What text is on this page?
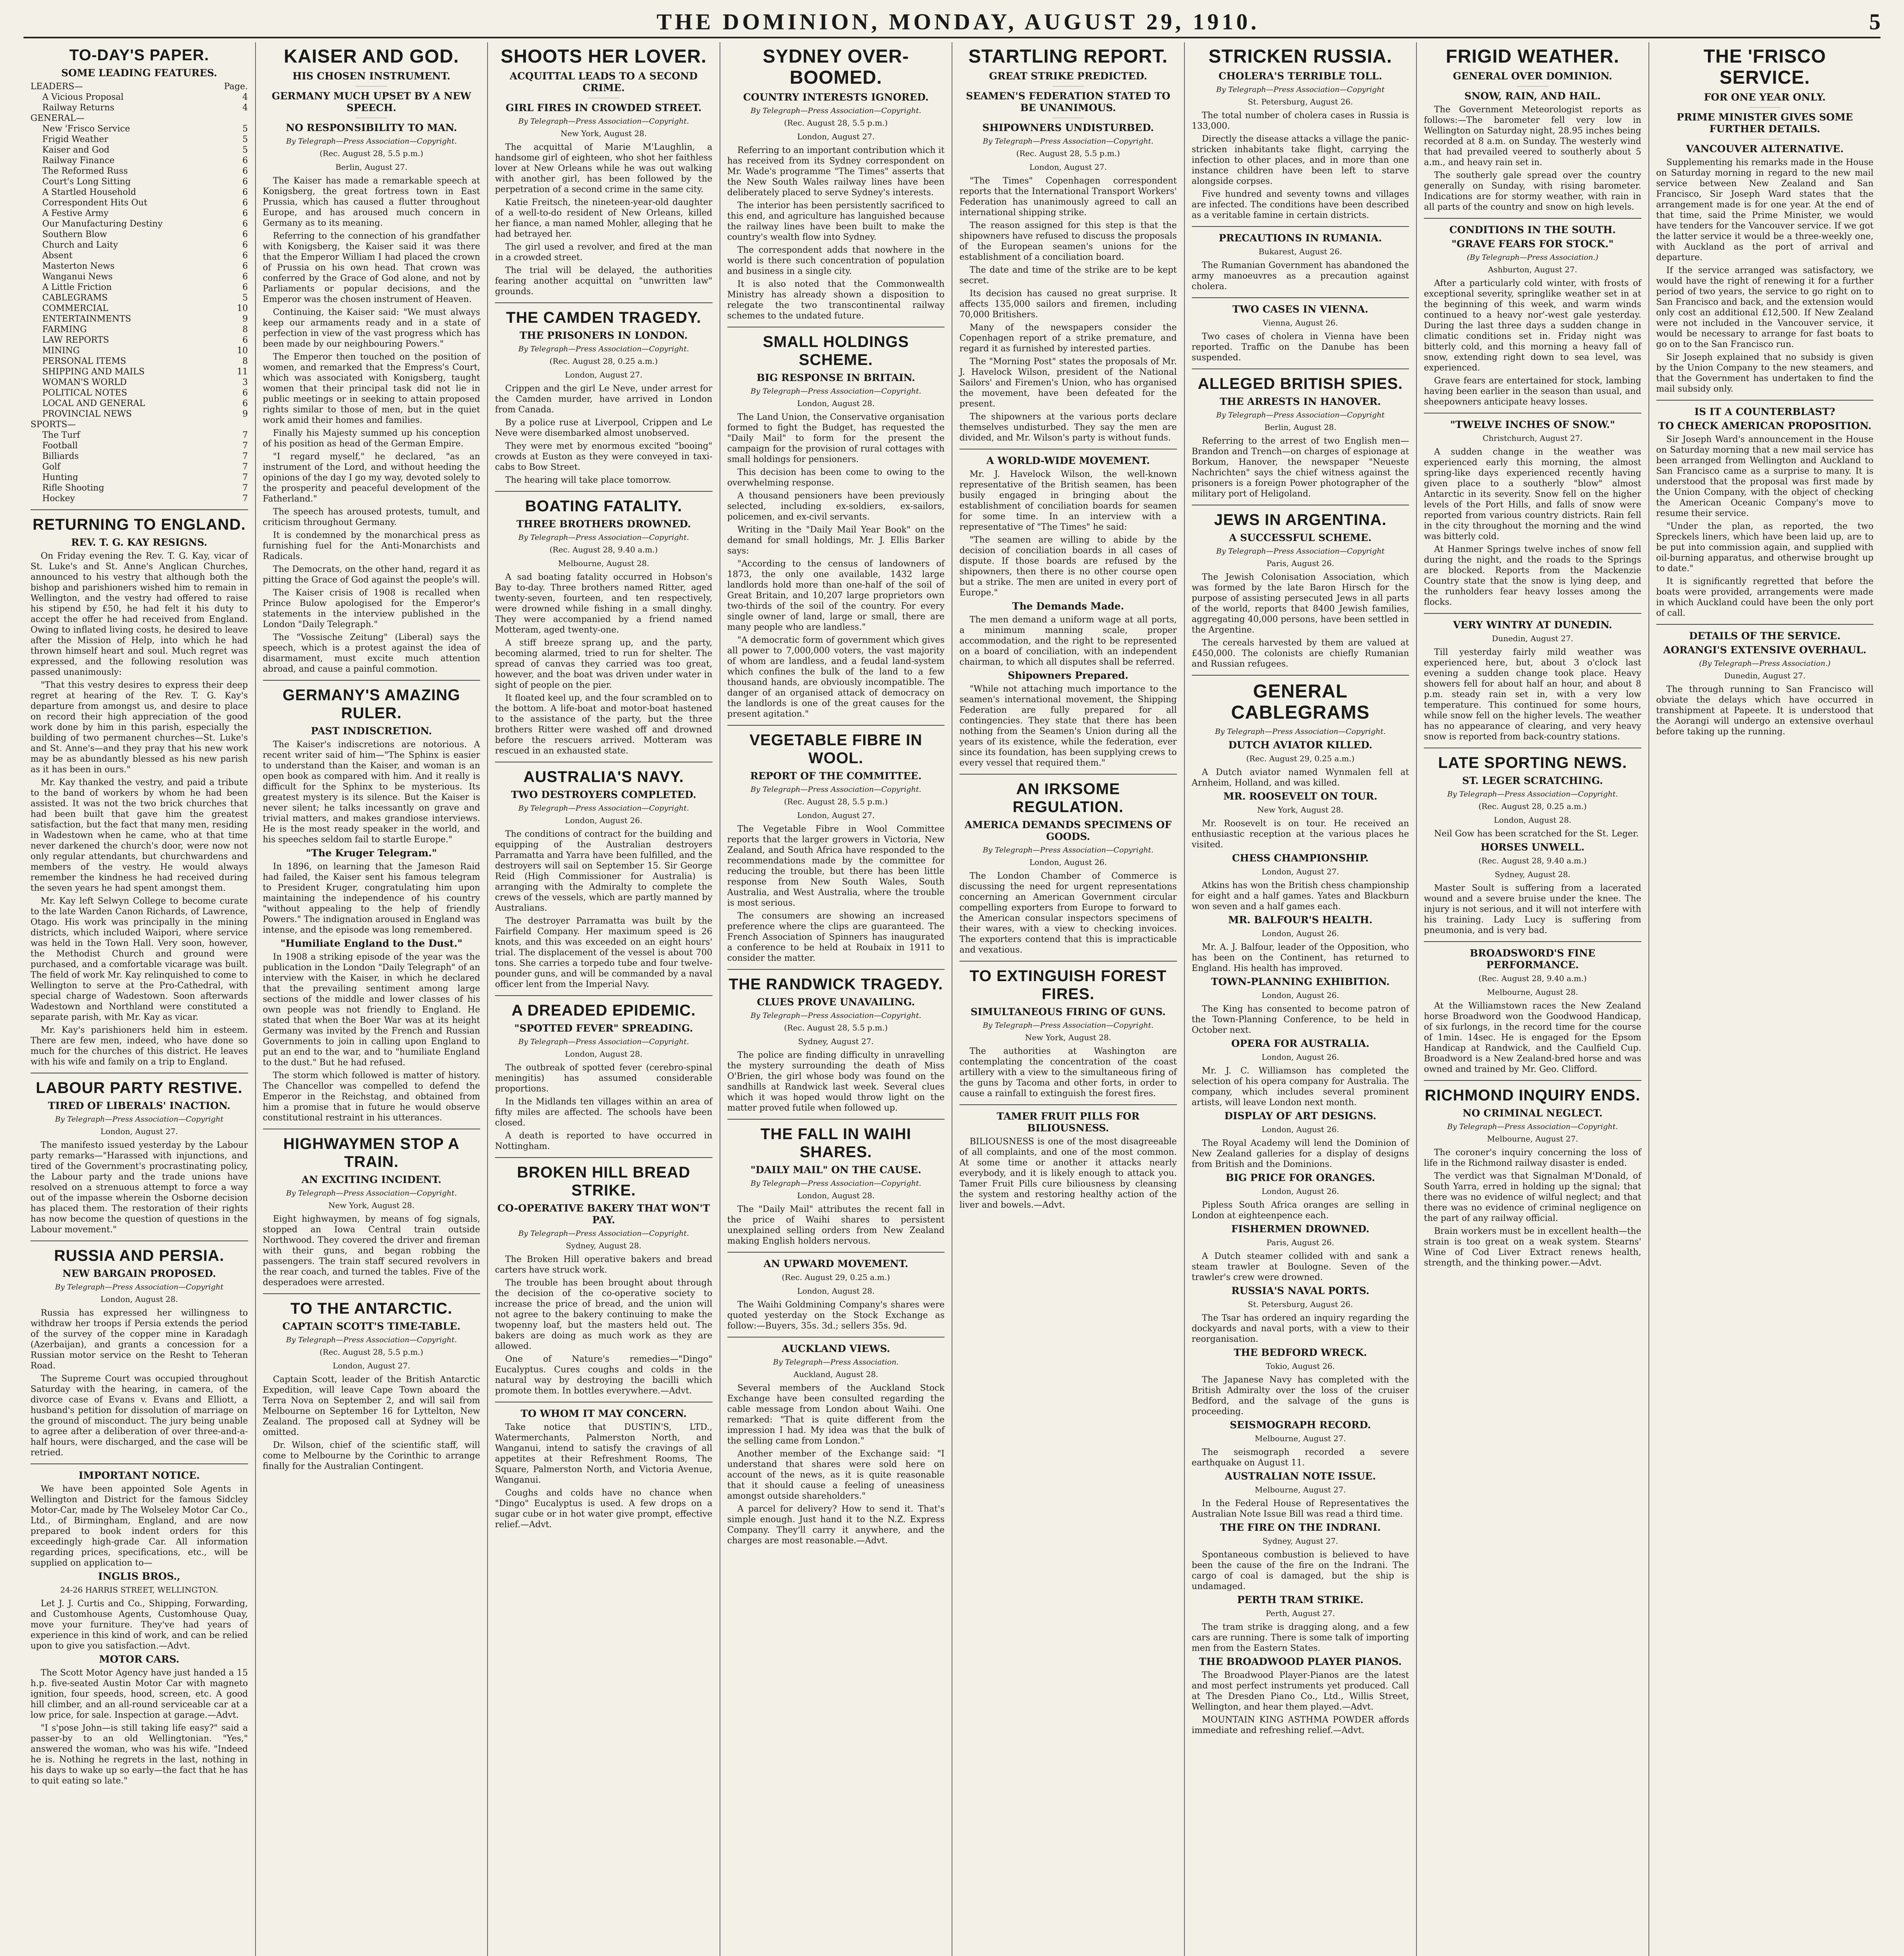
THE DOMINION, MONDAY, AUGUST 29, 1910.	5
TO-DAY'S PAPER.
SOME LEADING FEATURES.
LEADERS—	Page.
A Vicious Proposal	4
Railway Returns	4
GENERAL—
New 'Frisco Service	5
Frigid Weather	5
Kaiser and God	5
Railway Finance	6
The Reformed Russ	6
Court's Long Sitting	6
A Startled Household	6
Correspondent Hits Out	6
A Festive Army	6
Our Manufacturing Destiny	6
Southern Blow	6
Church and Laity	6
Absent	6
Masterton News	6
Wanganui News	6
A Little Friction	6
CABLEGRAMS	5
COMMERCIAL	10
ENTERTAINMENTS	9
FARMING	8
LAW REPORTS	6
MINING	10
PERSONAL ITEMS	8
SHIPPING AND MAILS	11
WOMAN'S WORLD	3
POLITICAL NOTES	6
LOCAL AND GENERAL	6
PROVINCIAL NEWS	9
SPORTS—
The Turf	7
Football	7
Billiards	7
Golf	7
Hunting	7
Rifle Shooting	7
Hockey	7
RETURNING TO ENGLAND.
REV. T. G. KAY RESIGNS.
On Friday evening the Rev. T. G. Kay, vicar of St. Luke's and St. Anne's Anglican Churches, announced to his vestry that although both the bishop and parishioners wished him to remain in Wellington, and the vestry had offered to raise his stipend by £50, he had felt it his duty to accept the offer he had received from England. Owing to inflated living costs, he desired to leave after the Mission of Help, into which he had thrown himself heart and soul. Much regret was expressed, and the following resolution was passed unanimously:
"That this vestry desires to express their deep regret at hearing of the Rev. T. G. Kay's departure from amongst us, and desire to place on record their high appreciation of the good work done by him in this parish, especially the building of two permanent churches—St. Luke's and St. Anne's—and they pray that his new work may be as abundantly blessed as his new parish as it has been in ours."
Mr. Kay thanked the vestry, and paid a tribute to the band of workers by whom he had been assisted. It was not the two brick churches that had been built that gave him the greatest satisfaction, but the fact that many men, residing in Wadestown when he came, who at that time never darkened the church's door, were now not only regular attendants, but churchwardens and members of the vestry. He would always remember the kindness he had received during the seven years he had spent amongst them.
Mr. Kay left Selwyn College to become curate to the late Warden Canon Richards, of Lawrence, Otago. His work was principally in the mining districts, which included Waipori, where service was held in the Town Hall. Very soon, however, the Methodist Church and ground were purchased, and a comfortable vicarage was built. The field of work Mr. Kay relinquished to come to Wellington to serve at the Pro-Cathedral, with special charge of Wadestown. Soon afterwards Wadestown and Northland were constituted a separate parish, with Mr. Kay as vicar.
Mr. Kay's parishioners held him in esteem. There are few men, indeed, who have done so much for the churches of this district. He leaves with his wife and family on a trip to England.
LABOUR PARTY RESTIVE.
TIRED OF LIBERALS' INACTION.
By Telegraph—Press Association—Copyright
London, August 27.
The manifesto issued yesterday by the Labour party remarks—"Harassed with injunctions, and tired of the Government's procrastinating policy, the Labour party and the trade unions have resolved on a strenuous attempt to force a way out of the impasse wherein the Osborne decision has placed them. The restoration of their rights has now become the question of questions in the Labour movement."
RUSSIA AND PERSIA.
NEW BARGAIN PROPOSED.
By Telegraph—Press Association—Copyright
London, August 28.
Russia has expressed her willingness to withdraw her troops if Persia extends the period of the survey of the copper mine in Karadagh (Azerbaijan), and grants a concession for a Russian motor service on the Resht to Teheran Road.
The Supreme Court was occupied throughout Saturday with the hearing, in camera, of the divorce case of Evans v. Evans and Elliott, a husband's petition for dissolution of marriage on the ground of misconduct. The jury being unable to agree after a deliberation of over three-and-a-half hours, were discharged, and the case will be retried.
IMPORTANT NOTICE.
We have been appointed Sole Agents in Wellington and District for the famous Sidcley Motor-Car, made by The Wolseley Motor Car Co., Ltd., of Birmingham, England, and are now prepared to book indent orders for this exceedingly high-grade Car. All information regarding prices, specifications, etc., will be supplied on application to—
INGLIS BROS.,
24-26 HARRIS STREET, WELLINGTON.
Let J. J. Curtis and Co., Shipping, Forwarding, and Customhouse Agents, Customhouse Quay, move your furniture. They've had years of experience in this kind of work, and can be relied upon to give you satisfaction.—Advt.
MOTOR CARS.
The Scott Motor Agency have just handed a 15 h.p. five-seated Austin Motor Car with magneto ignition, four speeds, hood, screen, etc. A good hill climber, and an all-round serviceable car at a low price, for sale. Inspection at garage.—Advt.
"I s'pose John—is still taking life easy?" said a passer-by to an old Wellingtonian. "Yes," answered the woman, who was his wife. "Indeed he is. Nothing he regrets in the last, nothing in his days to wake up so early—the fact that he has to quit eating so late."
KAISER AND GOD.
HIS CHOSEN INSTRUMENT.
GERMANY MUCH UPSET BY A NEW SPEECH.
NO RESPONSIBILITY TO MAN.
By Telegraph—Press Association—Copyright.
(Rec. August 28, 5.5 p.m.)
Berlin, August 27.
The Kaiser has made a remarkable speech at Konigsberg, the great fortress town in East Prussia, which has caused a flutter throughout Europe, and has aroused much concern in Germany as to its meaning.
Referring to the connection of his grandfather with Konigsberg, the Kaiser said it was there that the Emperor William I had placed the crown of Prussia on his own head. That crown was conferred by the Grace of God alone, and not by Parliaments or popular decisions, and the Emperor was the chosen instrument of Heaven.
Continuing, the Kaiser said: "We must always keep our armaments ready and in a state of perfection in view of the vast progress which has been made by our neighbouring Powers."
The Emperor then touched on the position of women, and remarked that the Empress's Court, which was associated with Konigsberg, taught women that their principal task did not lie in public meetings or in seeking to attain proposed rights similar to those of men, but in the quiet work amid their homes and families.
Finally his Majesty summed up his conception of his position as head of the German Empire.
"I regard myself," he declared, "as an instrument of the Lord, and without heeding the opinions of the day I go my way, devoted solely to the prosperity and peaceful development of the Fatherland."
The speech has aroused protests, tumult, and criticism throughout Germany.
It is condemned by the monarchical press as furnishing fuel for the Anti-Monarchists and Radicals.
The Democrats, on the other hand, regard it as pitting the Grace of God against the people's will.
The Kaiser crisis of 1908 is recalled when Prince Bulow apologised for the Emperor's statements in the interview published in the London "Daily Telegraph."
The "Vossische Zeitung" (Liberal) says the speech, which is a protest against the idea of disarmament, must excite much attention abroad, and cause a painful commotion.
GERMANY'S AMAZING RULER.
PAST INDISCRETION.
The Kaiser's indiscretions are notorious. A recent writer said of him—"The Sphinx is easier to understand than the Kaiser, and woman is an open book as compared with him. And it really is difficult for the Sphinx to be mysterious. Its greatest mystery is its silence. But the Kaiser is never silent; he talks incessantly on grave and trivial matters, and makes grandiose interviews. He is the most ready speaker in the world, and his speeches seldom fail to startle Europe."
"The Kruger Telegram."
In 1896, on learning that the Jameson Raid had failed, the Kaiser sent his famous telegram to President Kruger, congratulating him upon maintaining the independence of his country "without appealing to the help of friendly Powers." The indignation aroused in England was intense, and the episode was long remembered.
"Humiliate England to the Dust."
In 1908 a striking episode of the year was the publication in the London "Daily Telegraph" of an interview with the Kaiser, in which he declared that the prevailing sentiment among large sections of the middle and lower classes of his own people was not friendly to England. He stated that when the Boer War was at its height Germany was invited by the French and Russian Governments to join in calling upon England to put an end to the war, and to "humiliate England to the dust." But he had refused.
The storm which followed is matter of history. The Chancellor was compelled to defend the Emperor in the Reichstag, and obtained from him a promise that in future he would observe constitutional restraint in his utterances.
HIGHWAYMEN STOP A TRAIN.
AN EXCITING INCIDENT.
By Telegraph—Press Association—Copyright.
New York, August 28.
Eight highwaymen, by means of fog signals, stopped an Iowa Central train outside Northwood. They covered the driver and fireman with their guns, and began robbing the passengers. The train staff secured revolvers in the rear coach, and turned the tables. Five of the desperadoes were arrested.
TO THE ANTARCTIC.
CAPTAIN SCOTT'S TIME-TABLE.
By Telegraph—Press Association—Copyright.
(Rec. August 28, 5.5 p.m.)
London, August 27.
Captain Scott, leader of the British Antarctic Expedition, will leave Cape Town aboard the Terra Nova on September 2, and will sail from Melbourne on September 16 for Lyttelton, New Zealand. The proposed call at Sydney will be omitted.
Dr. Wilson, chief of the scientific staff, will come to Melbourne by the Corinthic to arrange finally for the Australian Contingent.
SHOOTS HER LOVER.
ACQUITTAL LEADS TO A SECOND CRIME.
GIRL FIRES IN CROWDED STREET.
By Telegraph—Press Association—Copyright.
New York, August 28.
The acquittal of Marie M'Laughlin, a handsome girl of eighteen, who shot her faithless lover at New Orleans while he was out walking with another girl, has been followed by the perpetration of a second crime in the same city.
Katie Freitsch, the nineteen-year-old daughter of a well-to-do resident of New Orleans, killed her fiance, a man named Mohler, alleging that he had betrayed her.
The girl used a revolver, and fired at the man in a crowded street.
The trial will be delayed, the authorities fearing another acquittal on "unwritten law" grounds.
THE CAMDEN TRAGEDY.
THE PRISONERS IN LONDON.
By Telegraph—Press Association—Copyright.
(Rec. August 28, 0.25 a.m.)
London, August 27.
Crippen and the girl Le Neve, under arrest for the Camden murder, have arrived in London from Canada.
By a police ruse at Liverpool, Crippen and Le Neve were disembarked almost unobserved.
They were met by enormous excited "booing" crowds at Euston as they were conveyed in taxi-cabs to Bow Street.
The hearing will take place tomorrow.
BOATING FATALITY.
THREE BROTHERS DROWNED.
By Telegraph—Press Association—Copyright.
(Rec. August 28, 9.40 a.m.)
Melbourne, August 28.
A sad boating fatality occurred in Hobson's Bay to-day. Three brothers named Ritter, aged twenty-seven, fourteen, and ten respectively, were drowned while fishing in a small dinghy. They were accompanied by a friend named Motteram, aged twenty-one.
A stiff breeze sprang up, and the party, becoming alarmed, tried to run for shelter. The spread of canvas they carried was too great, however, and the boat was driven under water in sight of people on the pier.
It floated keel up, and the four scrambled on to the bottom. A life-boat and motor-boat hastened to the assistance of the party, but the three brothers Ritter were washed off and drowned before the rescuers arrived. Motteram was rescued in an exhausted state.
AUSTRALIA'S NAVY.
TWO DESTROYERS COMPLETED.
By Telegraph—Press Association—Copyright.
London, August 26.
The conditions of contract for the building and equipping of the Australian destroyers Parramatta and Yarra have been fulfilled, and the destroyers will sail on September 15. Sir George Reid (High Commissioner for Australia) is arranging with the Admiralty to complete the crews of the vessels, which are partly manned by Australians.
The destroyer Parramatta was built by the Fairfield Company. Her maximum speed is 26 knots, and this was exceeded on an eight hours' trial. The displacement of the vessel is about 700 tons. She carries a torpedo tube and four twelve-pounder guns, and will be commanded by a naval officer lent from the Imperial Navy.
A DREADED EPIDEMIC.
"SPOTTED FEVER" SPREADING.
By Telegraph—Press Association—Copyright.
London, August 28.
The outbreak of spotted fever (cerebro-spinal meningitis) has assumed considerable proportions.
In the Midlands ten villages within an area of fifty miles are affected. The schools have been closed.
A death is reported to have occurred in Nottingham.
BROKEN HILL BREAD STRIKE.
CO-OPERATIVE BAKERY THAT WON'T PAY.
By Telegraph—Press Association—Copyright.
Sydney, August 28.
The Broken Hill operative bakers and bread carters have struck work.
The trouble has been brought about through the decision of the co-operative society to increase the price of bread, and the union will not agree to the bakery continuing to make the twopenny loaf, but the masters held out. The bakers are doing as much work as they are allowed.
One of Nature's remedies—"Dingo" Eucalyptus. Cures coughs and colds in the natural way by destroying the bacilli which promote them. In bottles everywhere.—Advt.
TO WHOM IT MAY CONCERN.
Take notice that DUSTIN'S, LTD., Watermerchants, Palmerston North, and Wanganui, intend to satisfy the cravings of all appetites at their Refreshment Rooms, The Square, Palmerston North, and Victoria Avenue, Wanganui.
Coughs and colds have no chance when "Dingo" Eucalyptus is used. A few drops on a sugar cube or in hot water give prompt, effective relief.—Advt.
SYDNEY OVER-BOOMED.
COUNTRY INTERESTS IGNORED.
By Telegraph—Press Association—Copyright.
(Rec. August 28, 5.5 p.m.)
London, August 27.
Referring to an important contribution which it has received from its Sydney correspondent on Mr. Wade's programme "The Times" asserts that the New South Wales railway lines have been deliberately placed to serve Sydney's interests.
The interior has been persistently sacrificed to this end, and agriculture has languished because the railway lines have been built to make the country's wealth flow into Sydney.
The correspondent adds that nowhere in the world is there such concentration of population and business in a single city.
It is also noted that the Commonwealth Ministry has already shown a disposition to relegate the two transcontinental railway schemes to the undated future.
SMALL HOLDINGS SCHEME.
BIG RESPONSE IN BRITAIN.
By Telegraph—Press Association—Copyright.
London, August 28.
The Land Union, the Conservative organisation formed to fight the Budget, has requested the "Daily Mail" to form for the present the campaign for the provision of rural cottages with small holdings for pensioners.
This decision has been come to owing to the overwhelming response.
A thousand pensioners have been previously selected, including ex-soldiers, ex-sailors, policemen, and ex-civil servants.
Writing in the "Daily Mail Year Book" on the demand for small holdings, Mr. J. Ellis Barker says:
"According to the census of landowners of 1873, the only one available, 1432 large landlords hold more than one-half of the soil of Great Britain, and 10,207 large proprietors own two-thirds of the soil of the country. For every single owner of land, large or small, there are many people who are landless."
"A democratic form of government which gives all power to 7,000,000 voters, the vast majority of whom are landless, and a feudal land-system which confines the bulk of the land to a few thousand hands, are obviously incompatible. The danger of an organised attack of democracy on the landlords is one of the great causes for the present agitation."
VEGETABLE FIBRE IN WOOL.
REPORT OF THE COMMITTEE.
By Telegraph—Press Association—Copyright.
(Rec. August 28, 5.5 p.m.)
London, August 27.
The Vegetable Fibre in Wool Committee reports that the larger growers in Victoria, New Zealand, and South Africa have responded to the recommendations made by the committee for reducing the trouble, but there has been little response from New South Wales, South Australia, and West Australia, where the trouble is most serious.
The consumers are showing an increased preference where the clips are guaranteed. The French Association of Spinners has inaugurated a conference to be held at Roubaix in 1911 to consider the matter.
THE RANDWICK TRAGEDY.
CLUES PROVE UNAVAILING.
By Telegraph—Press Association—Copyright.
(Rec. August 28, 5.5 p.m.)
Sydney, August 27.
The police are finding difficulty in unravelling the mystery surrounding the death of Miss O'Brien, the girl whose body was found on the sandhills at Randwick last week. Several clues which it was hoped would throw light on the matter proved futile when followed up.
THE FALL IN WAIHI SHARES.
"DAILY MAIL" ON THE CAUSE.
By Telegraph—Press Association—Copyright.
London, August 28.
The "Daily Mail" attributes the recent fall in the price of Waihi shares to persistent unexplained selling orders from New Zealand making English holders nervous.
AN UPWARD MOVEMENT.
(Rec. August 29, 0.25 a.m.)
London, August 28.
The Waihi Goldmining Company's shares were quoted yesterday on the Stock Exchange as follow:—Buyers, 35s. 3d.; sellers 35s. 9d.
AUCKLAND VIEWS.
By Telegraph—Press Association.
Auckland, August 28.
Several members of the Auckland Stock Exchange have been consulted regarding the cable message from London about Waihi. One remarked: "That is quite different from the impression I had. My idea was that the bulk of the selling came from London."
Another member of the Exchange said: "I understand that shares were sold here on account of the news, as it is quite reasonable that it should cause a feeling of uneasiness amongst outside shareholders."
A parcel for delivery? How to send it. That's simple enough. Just hand it to the N.Z. Express Company. They'll carry it anywhere, and the charges are most reasonable.—Advt.
STARTLING REPORT.
GREAT STRIKE PREDICTED.
SEAMEN'S FEDERATION STATED TO BE UNANIMOUS.
SHIPOWNERS UNDISTURBED.
By Telegraph—Press Association—Copyright.
(Rec. August 28, 5.5 p.m.)
London, August 27.
"The Times" Copenhagen correspondent reports that the International Transport Workers' Federation has unanimously agreed to call an international shipping strike.
The reason assigned for this step is that the shipowners have refused to discuss the proposals of the European seamen's unions for the establishment of a conciliation board.
The date and time of the strike are to be kept secret.
Its decision has caused no great surprise. It affects 135,000 sailors and firemen, including 70,000 Britishers.
Many of the newspapers consider the Copenhagen report of a strike premature, and regard it as furnished by interested parties.
The "Morning Post" states the proposals of Mr. J. Havelock Wilson, president of the National Sailors' and Firemen's Union, who has organised the movement, have been defeated for the present.
The shipowners at the various ports declare themselves undisturbed. They say the men are divided, and Mr. Wilson's party is without funds.
A WORLD-WIDE MOVEMENT.
Mr. J. Havelock Wilson, the well-known representative of the British seamen, has been busily engaged in bringing about the establishment of conciliation boards for seamen for some time. In an interview with a representative of "The Times" he said:
"The seamen are willing to abide by the decision of conciliation boards in all cases of dispute. If those boards are refused by the shipowners, then there is no other course open but a strike. The men are united in every port of Europe."
The Demands Made.
The men demand a uniform wage at all ports, a minimum manning scale, proper accommodation, and the right to be represented on a board of conciliation, with an independent chairman, to which all disputes shall be referred.
Shipowners Prepared.
"While not attaching much importance to the seamen's international movement, the Shipping Federation are fully prepared for all contingencies. They state that there has been nothing from the Seamen's Union during all the years of its existence, while the federation, ever since its foundation, has been supplying crews to every vessel that required them."
AN IRKSOME REGULATION.
AMERICA DEMANDS SPECIMENS OF GOODS.
By Telegraph—Press Association—Copyright.
London, August 26.
The London Chamber of Commerce is discussing the need for urgent representations concerning an American Government circular compelling exporters from Europe to forward to the American consular inspectors specimens of their wares, with a view to checking invoices. The exporters contend that this is impracticable and vexatious.
TO EXTINGUISH FOREST FIRES.
SIMULTANEOUS FIRING OF GUNS.
By Telegraph—Press Association—Copyright.
New York, August 28.
The authorities at Washington are contemplating the concentration of the coast artillery with a view to the simultaneous firing of the guns by Tacoma and other forts, in order to cause a rainfall to extinguish the forest fires.
TAMER FRUIT PILLS FOR BILIOUSNESS.
BILIOUSNESS is one of the most disagreeable of all complaints, and one of the most common. At some time or another it attacks nearly everybody, and it is likely enough to attack you. Tamer Fruit Pills cure biliousness by cleansing the system and restoring healthy action of the liver and bowels.—Advt.
STRICKEN RUSSIA.
CHOLERA'S TERRIBLE TOLL.
By Telegraph—Press Association—Copyright
St. Petersburg, August 26.
The total number of cholera cases in Russia is 133,000.
Directly the disease attacks a village the panic-stricken inhabitants take flight, carrying the infection to other places, and in more than one instance children have been left to starve alongside corpses.
Five hundred and seventy towns and villages are infected. The conditions have been described as a veritable famine in certain districts.
PRECAUTIONS IN RUMANIA.
Bukarest, August 26.
The Rumanian Government has abandoned the army manoeuvres as a precaution against cholera.
TWO CASES IN VIENNA.
Vienna, August 26.
Two cases of cholera in Vienna have been reported. Traffic on the Danube has been suspended.
ALLEGED BRITISH SPIES.
THE ARRESTS IN HANOVER.
By Telegraph—Press Association—Copyright
Berlin, August 28.
Referring to the arrest of two English men—Brandon and Trench—on charges of espionage at Borkum, Hanover, the newspaper "Neueste Nachrichten" says the chief witness against the prisoners is a foreign Power photographer of the military port of Heligoland.
JEWS IN ARGENTINA.
A SUCCESSFUL SCHEME.
By Telegraph—Press Association—Copyright
Paris, August 26.
The Jewish Colonisation Association, which was formed by the late Baron Hirsch for the purpose of assisting persecuted Jews in all parts of the world, reports that 8400 Jewish families, aggregating 40,000 persons, have been settled in the Argentine.
The cereals harvested by them are valued at £450,000. The colonists are chiefly Rumanian and Russian refugees.
GENERAL CABLEGRAMS
By Telegraph—Press Association—Copyright.
DUTCH AVIATOR KILLED.
(Rec. August 29, 0.25 a.m.)
A Dutch aviator named Wynmalen fell at Arnheim, Holland, and was killed.
MR. ROOSEVELT ON TOUR.
New York, August 28.
Mr. Roosevelt is on tour. He received an enthusiastic reception at the various places he visited.
CHESS CHAMPIONSHIP.
London, August 27.
Atkins has won the British chess championship for eight and a half games. Yates and Blackburn won seven and a half games each.
MR. BALFOUR'S HEALTH.
London, August 26.
Mr. A. J. Balfour, leader of the Opposition, who has been on the Continent, has returned to England. His health has improved.
TOWN-PLANNING EXHIBITION.
London, August 26.
The King has consented to become patron of the Town-Planning Conference, to be held in October next.
OPERA FOR AUSTRALIA.
London, August 26.
Mr. J. C. Williamson has completed the selection of his opera company for Australia. The company, which includes several prominent artists, will leave London next month.
DISPLAY OF ART DESIGNS.
London, August 26.
The Royal Academy will lend the Dominion of New Zealand galleries for a display of designs from British and the Dominions.
BIG PRICE FOR ORANGES.
London, August 26.
Pipless South Africa oranges are selling in London at eighteenpence each.
FISHERMEN DROWNED.
Paris, August 26.
A Dutch steamer collided with and sank a steam trawler at Boulogne. Seven of the trawler's crew were drowned.
RUSSIA'S NAVAL PORTS.
St. Petersburg, August 26.
The Tsar has ordered an inquiry regarding the dockyards and naval ports, with a view to their reorganisation.
THE BEDFORD WRECK.
Tokio, August 26.
The Japanese Navy has completed with the British Admiralty over the loss of the cruiser Bedford, and the salvage of the guns is proceeding.
SEISMOGRAPH RECORD.
Melbourne, August 27.
The seismograph recorded a severe earthquake on August 11.
AUSTRALIAN NOTE ISSUE.
Melbourne, August 27.
In the Federal House of Representatives the Australian Note Issue Bill was read a third time.
THE FIRE ON THE INDRANI.
Sydney, August 27.
Spontaneous combustion is believed to have been the cause of the fire on the Indrani. The cargo of coal is damaged, but the ship is undamaged.
PERTH TRAM STRIKE.
Perth, August 27.
The tram strike is dragging along, and a few cars are running. There is some talk of importing men from the Eastern States.
THE BROADWOOD PLAYER PIANOS.
The Broadwood Player-Pianos are the latest and most perfect instruments yet produced. Call at The Dresden Piano Co., Ltd., Willis Street, Wellington, and hear them played.—Advt.
MOUNTAIN KING ASTHMA POWDER affords immediate and refreshing relief.—Advt.
FRIGID WEATHER.
GENERAL OVER DOMINION.
SNOW, RAIN, AND HAIL.
The Government Meteorologist reports as follows:—The barometer fell very low in Wellington on Saturday night, 28.95 inches being recorded at 8 a.m. on Sunday. The westerly wind that had prevailed veered to southerly about 5 a.m., and heavy rain set in.
The southerly gale spread over the country generally on Sunday, with rising barometer. Indications are for stormy weather, with rain in all parts of the country and snow on high levels.
CONDITIONS IN THE SOUTH.
"GRAVE FEARS FOR STOCK."
(By Telegraph—Press Association.)
Ashburton, August 27.
After a particularly cold winter, with frosts of exceptional severity, springlike weather set in at the beginning of this week, and warm winds continued to a heavy nor'-west gale yesterday. During the last three days a sudden change in climatic conditions set in. Friday night was bitterly cold, and this morning a heavy fall of snow, extending right down to sea level, was experienced.
Grave fears are entertained for stock, lambing having been earlier in the season than usual, and sheepowners anticipate heavy losses.
"TWELVE INCHES OF SNOW."
Christchurch, August 27.
A sudden change in the weather was experienced early this morning, the almost spring-like days experienced recently having given place to a southerly "blow" almost Antarctic in its severity. Snow fell on the higher levels of the Port Hills, and falls of snow were reported from various country districts. Rain fell in the city throughout the morning and the wind was bitterly cold.
At Hanmer Springs twelve inches of snow fell during the night, and the roads to the Springs are blocked. Reports from the Mackenzie Country state that the snow is lying deep, and the runholders fear heavy losses among the flocks.
VERY WINTRY AT DUNEDIN.
Dunedin, August 27.
Till yesterday fairly mild weather was experienced here, but, about 3 o'clock last evening a sudden change took place. Heavy showers fell for about half an hour, and about 8 p.m. steady rain set in, with a very low temperature. This continued for some hours, while snow fell on the higher levels. The weather has no appearance of clearing, and very heavy snow is reported from back-country stations.
LATE SPORTING NEWS.
ST. LEGER SCRATCHING.
By Telegraph—Press Association—Copyright.
(Rec. August 28, 0.25 a.m.)
London, August 28.
Neil Gow has been scratched for the St. Leger.
HORSES UNWELL.
(Rec. August 28, 9.40 a.m.)
Sydney, August 28.
Master Soult is suffering from a lacerated wound and a severe bruise under the knee. The injury is not serious, and it will not interfere with his training. Lady Lucy is suffering from pneumonia, and is very bad.
BROADSWORD'S FINE PERFORMANCE.
(Rec. August 28, 9.40 a.m.)
Melbourne, August 28.
At the Williamstown races the New Zealand horse Broadword won the Goodwood Handicap, of six furlongs, in the record time for the course of 1min. 14sec. He is engaged for the Epsom Handicap at Randwick, and the Caulfield Cup. Broadword is a New Zealand-bred horse and was owned and trained by Mr. Geo. Clifford.
RICHMOND INQUIRY ENDS.
NO CRIMINAL NEGLECT.
By Telegraph—Press Association—Copyright.
Melbourne, August 27.
The coroner's inquiry concerning the loss of life in the Richmond railway disaster is ended.
The verdict was that Signalman M'Donald, of South Yarra, erred in holding up the signal; that there was no evidence of wilful neglect; and that there was no evidence of criminal negligence on the part of any railway official.
Brain workers must be in excellent health—the strain is too great on a weak system. Stearns' Wine of Cod Liver Extract renews health, strength, and the thinking power.—Advt.
THE 'FRISCO SERVICE.
FOR ONE YEAR ONLY.
PRIME MINISTER GIVES SOME FURTHER DETAILS.
VANCOUVER ALTERNATIVE.
Supplementing his remarks made in the House on Saturday morning in regard to the new mail service between New Zealand and San Francisco, Sir Joseph Ward states that the arrangement made is for one year. At the end of that time, said the Prime Minister, we would have tenders for the Vancouver service. If we got the latter service it would be a three-weekly one, with Auckland as the port of arrival and departure.
If the service arranged was satisfactory, we would have the right of renewing it for a further period of two years, the service to go right on to San Francisco and back, and the extension would only cost an additional £12,500. If New Zealand were not included in the Vancouver service, it would be necessary to arrange for fast boats to go on to the San Francisco run.
Sir Joseph explained that no subsidy is given by the Union Company to the new steamers, and that the Government has undertaken to find the mail subsidy only.
IS IT A COUNTERBLAST?
TO CHECK AMERICAN PROPOSITION.
Sir Joseph Ward's announcement in the House on Saturday morning that a new mail service has been arranged from Wellington and Auckland to San Francisco came as a surprise to many. It is understood that the proposal was first made by the Union Company, with the object of checking the American Oceanic Company's move to resume their service.
"Under the plan, as reported, the two Spreckels liners, which have been laid up, are to be put into commission again, and supplied with oil-burning apparatus, and otherwise brought up to date."
It is significantly regretted that before the boats were provided, arrangements were made in which Auckland could have been the only port of call.
DETAILS OF THE SERVICE.
AORANGI'S EXTENSIVE OVERHAUL.
(By Telegraph—Press Association.)
Dunedin, August 27.
The through running to San Francisco will obviate the delays which have occurred in transhipment at Papeete. It is understood that the Aorangi will undergo an extensive overhaul before taking up the running.
